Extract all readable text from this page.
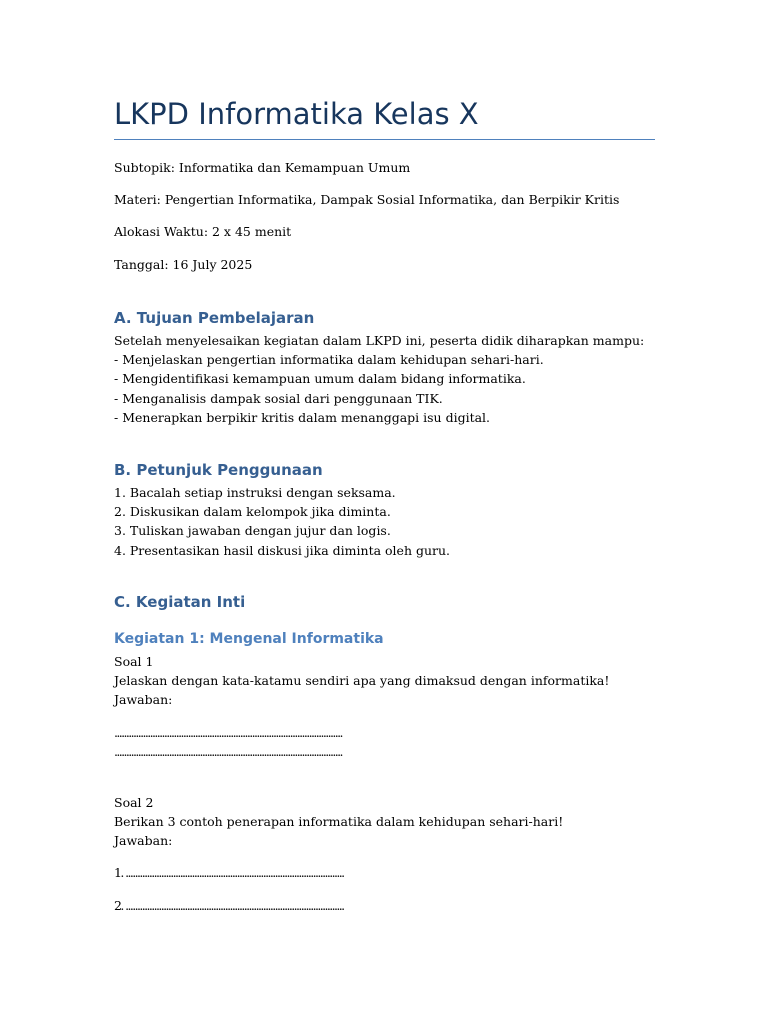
LKPD Informatika Kelas X
Subtopik: Informatika dan Kemampuan Umum
Materi: Pengertian Informatika, Dampak Sosial Informatika, dan Berpikir Kritis
Alokasi Waktu: 2 x 45 menit
Tanggal: 16 July 2025
A. Tujuan Pembelajaran
Setelah menyelesaikan kegiatan dalam LKPD ini, peserta didik diharapkan mampu:
- Menjelaskan pengertian informatika dalam kehidupan sehari-hari.
- Mengidentifikasi kemampuan umum dalam bidang informatika.
- Menganalisis dampak sosial dari penggunaan TIK.
- Menerapkan berpikir kritis dalam menanggapi isu digital.
B. Petunjuk Penggunaan
1. Bacalah setiap instruksi dengan seksama.
2. Diskusikan dalam kelompok jika diminta.
3. Tuliskan jawaban dengan jujur dan logis.
4. Presentasikan hasil diskusi jika diminta oleh guru.
C. Kegiatan Inti
Kegiatan 1: Mengenal Informatika
Soal 1
Jelaskan dengan kata-katamu sendiri apa yang dimaksud dengan informatika!
Jawaban:
................................................................................................
................................................................................................
Soal 2
Berikan 3 contoh penerapan informatika dalam kehidupan sehari-hari!
Jawaban:
1. ............................................................................................
2. ............................................................................................
